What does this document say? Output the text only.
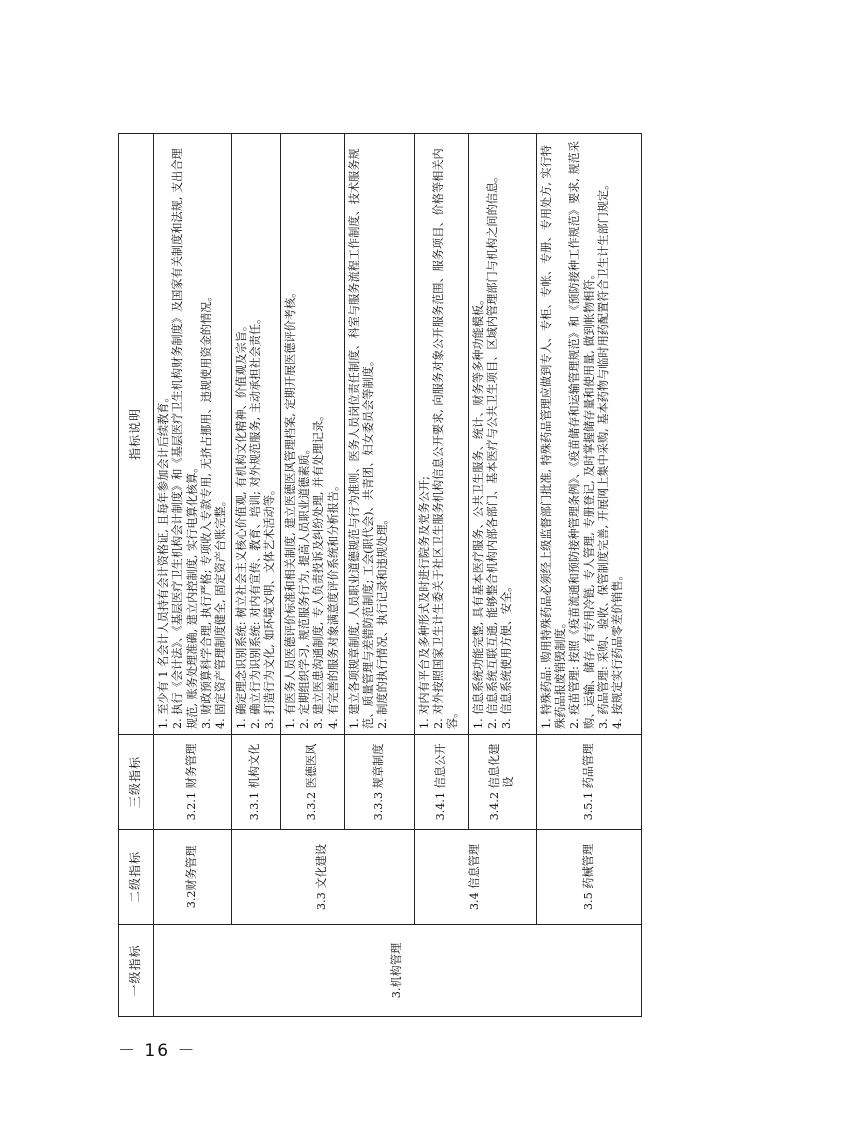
一级指标	二级指标	三级指标	指标说明
3.机构管理	3.2财务管理	3.2.1 财务管理	1. 至少有 1 名会计人员持有会计资格证, 且每年参加会计后续教育。 2. 执行《会计法》、《基层医疗卫生机构会计制度》和《基层医疗卫生机构财务制度》及国家有关制度和法规, 支出合理规范, 账务处理准确, 建立内控制度, 实行电算化核算。 3. 财政预算科学合理, 执行严格; 专项收入专款专用, 无挤占挪用、违规使用资金的情况。 4. 固定资产管理制度健全, 固定资产台账完整。

	3.3 文化建设	3.3.1 机构文化	1. 确定理念识别系统: 树立社会主义核心价值观, 有机构文化精神、价值观及宗旨。 2. 确立行为识别系统: 对内有宣传、教育、培训; 对外规范服务, 主动承担社会责任。 3. 打造行为文化, 如环境文明、文体艺术活动等。

		3.3.2 医德医风	1. 有医务人员医德评价标准和相关制度, 建立医德医风管理档案, 定期开展医德评价考核。 2. 定期组织学习, 规范服务行为, 提高人员职业道德素质。 3. 建立医患沟通制度, 专人负责投诉及纠纷处理, 并有处理记录。 4. 有完善的服务对象满意度评价系统和分析报告。

		3.3.3 规章制度	1. 建立各项规章制度, 人员职业道德规范与行为准则、医务人员岗位责任制度、科室与服务流程工作制度、技术服务规范、质量管理与差错防范制度; 工会(职代会)、共青团、妇女委员会等制度。 2. 制度的执行情况、执行记录和违规处理。

	3.4 信息管理	3.4.1 信息公开	1. 对内有平台及多种形式及时进行院务及党务公开; 2. 对外按照国家卫生计生委关于社区卫生服务机构信息公开要求, 向服务对象公开服务范围、服务项目、价格等相关内容。

		3.4.2 信息化建设	1. 信息系统功能完整, 具有基本医疗服务、公共卫生服务、统计、财务等多种功能模板。 2. 信息系统互联互通, 能够整合机构内部各部门、基本医疗与公共卫生项目、区域内管理部门与机构之间的信息。 3. 信息系统使用方便、安全。

	3.5 药械管理	3.5.1 药品管理	1. 特殊药品: 购用特殊药品必须经上级监督部门批准, 特殊药品管理应做到专人、专柜、专帐、专册、专用处方, 实行特殊药品报废销毁制度。 2. 疫苗管理: 按照《疫苗流通和预防接种管理条例》、《疫苗储存和运输管理规范》和《预防接种工作规范》要求, 规范采购、运输、储存, 有专用冷链, 专人管理, 专册登记, 及时掌握储存量和使用量, 做到帐物相符。 3. 药品管理: 采购、验收、保管制度完善, 开展网上集中采购, 基本药物与临时用药配置符合卫生计生部门规定。 4. 按规定实行药品零差价销售。
－ 16 －
